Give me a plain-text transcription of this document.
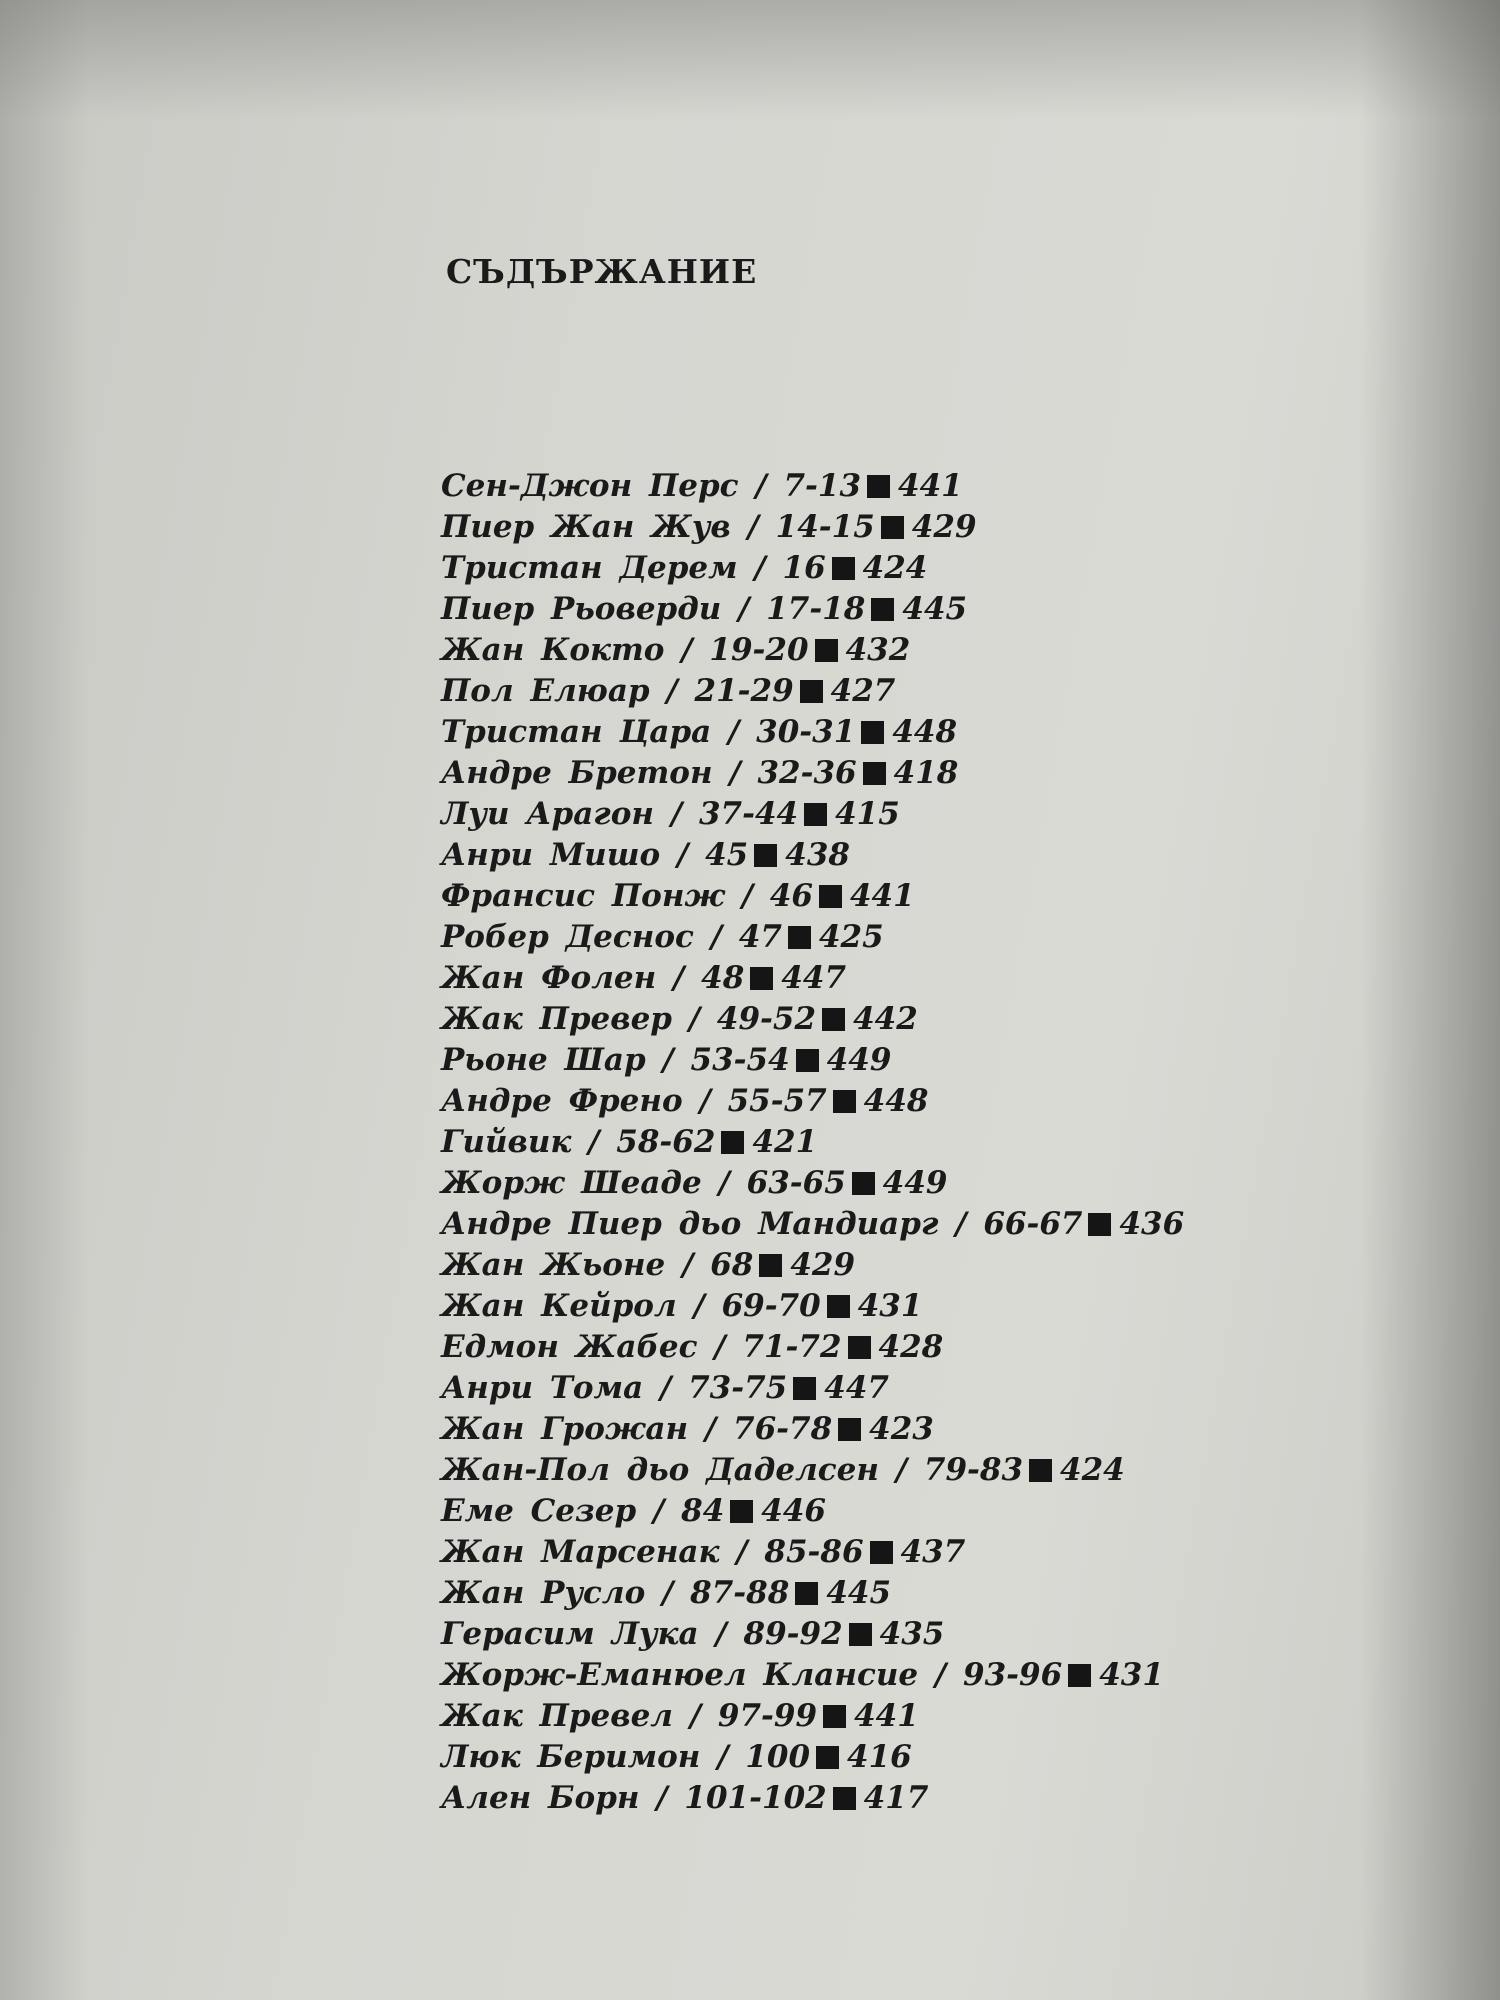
СЪДЪРЖАНИЕ
Сен-Джон Перс / 7-13 441
Пиер Жан Жув / 14-15 429
Тристан Дерем / 16 424
Пиер Рьоверди / 17-18 445
Жан Кокто / 19-20 432
Пол Елюар / 21-29 427
Тристан Цара / 30-31 448
Андре Бретон / 32-36 418
Луи Арагон / 37-44 415
Анри Мишо / 45 438
Франсис Понж / 46 441
Робер Деснос / 47 425
Жан Фолен / 48 447
Жак Превер / 49-52 442
Рьоне Шар / 53-54 449
Андре Френо / 55-57 448
Гийвик / 58-62 421
Жорж Шеаде / 63-65 449
Андре Пиер дьо Мандиарг / 66-67 436
Жан Жьоне / 68 429
Жан Кейрол / 69-70 431
Едмон Жабес / 71-72 428
Анри Тома / 73-75 447
Жан Грожан / 76-78 423
Жан-Пол дьо Даделсен / 79-83 424
Еме Сезер / 84 446
Жан Марсенак / 85-86 437
Жан Русло / 87-88 445
Герасим Лука / 89-92 435
Жорж-Еманюел Клансие / 93-96 431
Жак Превел / 97-99 441
Люк Беримон / 100 416
Ален Борн / 101-102 417
